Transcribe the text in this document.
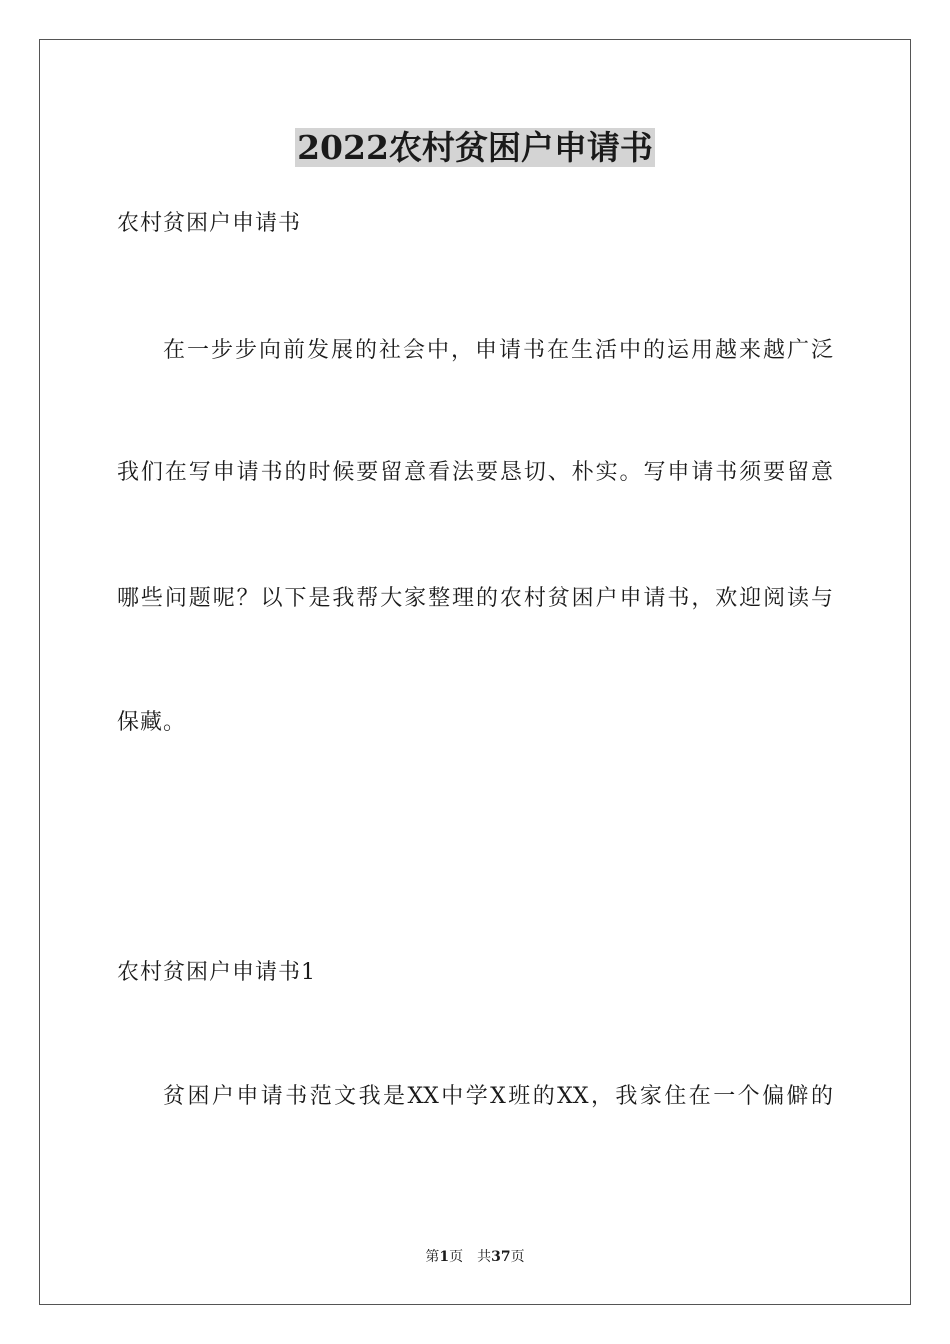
2022农村贫困户申请书
农村贫困户申请书
在一步步向前发展的社会中，申请书在生活中的运用越来越广泛
我们在写申请书的时候要留意看法要恳切、朴实。写申请书须要留意
哪些问题呢？以下是我帮大家整理的农村贫困户申请书，欢迎阅读与
保藏。
农村贫困户申请书1
贫困户申请书范文我是XX中学X班的XX，我家住在一个偏僻的
第1页 共37页
